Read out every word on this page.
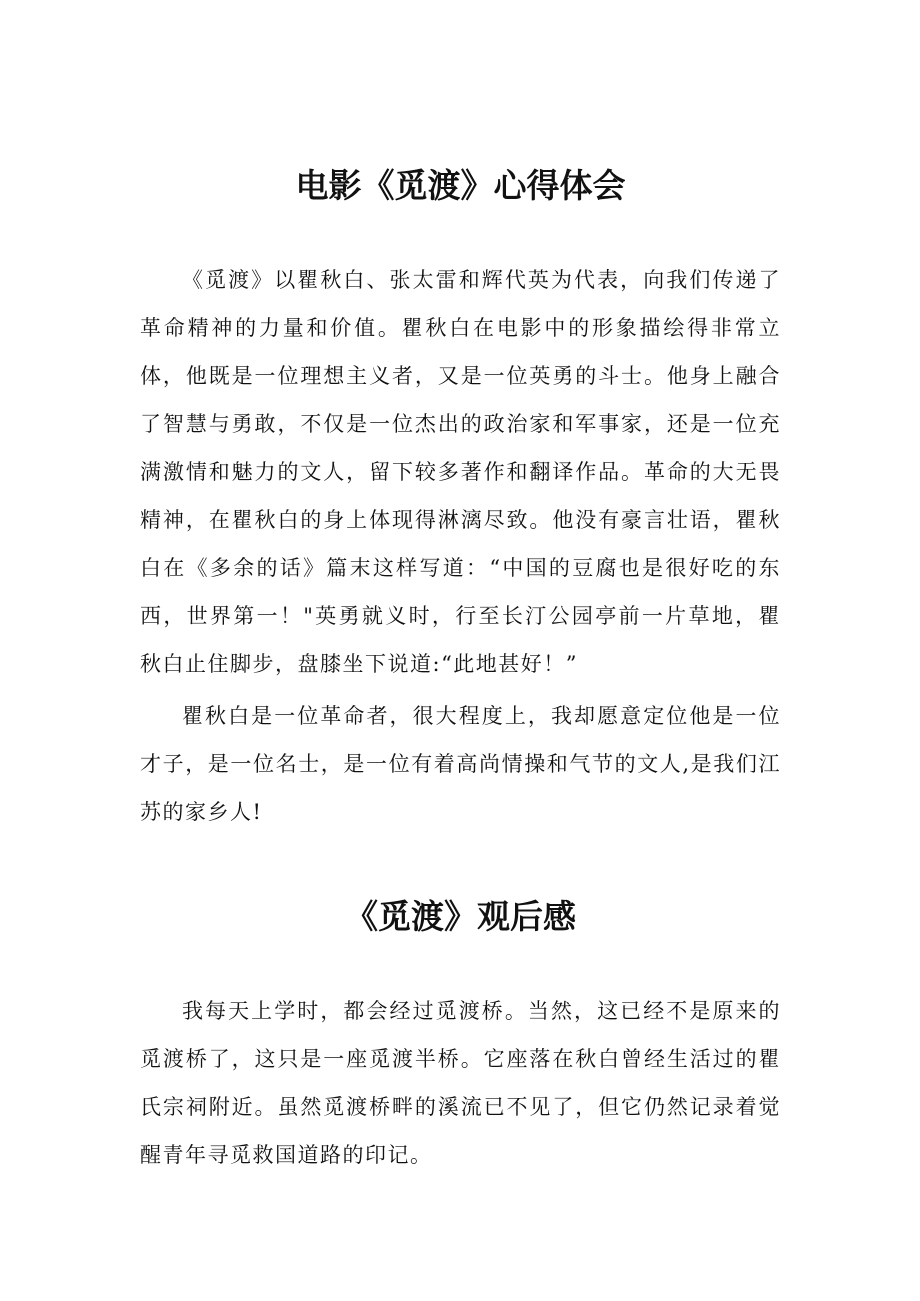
电影《觅渡》心得体会

《觅渡》以瞿秋白、张太雷和辉代英为代表，向我们传递了革命精神的力量和价值。瞿秋白在电影中的形象描绘得非常立体，他既是一位理想主义者，又是一位英勇的斗士。他身上融合了智慧与勇敢，不仅是一位杰出的政治家和军事家，还是一位充满激情和魅力的文人，留下较多著作和翻译作品。革命的大无畏精神，在瞿秋白的身上体现得淋漓尽致。他没有豪言壮语，瞿秋白在《多余的话》篇末这样写道：“中国的豆腐也是很好吃的东西，世界第一！"英勇就义时，行至长汀公园亭前一片草地，瞿秋白止住脚步，盘膝坐下说道:“此地甚好！”

瞿秋白是一位革命者，很大程度上，我却愿意定位他是一位才子，是一位名士，是一位有着高尚情操和气节的文人,是我们江苏的家乡人!

《觅渡》观后感

我每天上学时，都会经过觅渡桥。当然，这已经不是原来的觅渡桥了，这只是一座觅渡半桥。它座落在秋白曾经生活过的瞿氏宗祠附近。虽然觅渡桥畔的溪流已不见了，但它仍然记录着觉醒青年寻觅救国道路的印记。
